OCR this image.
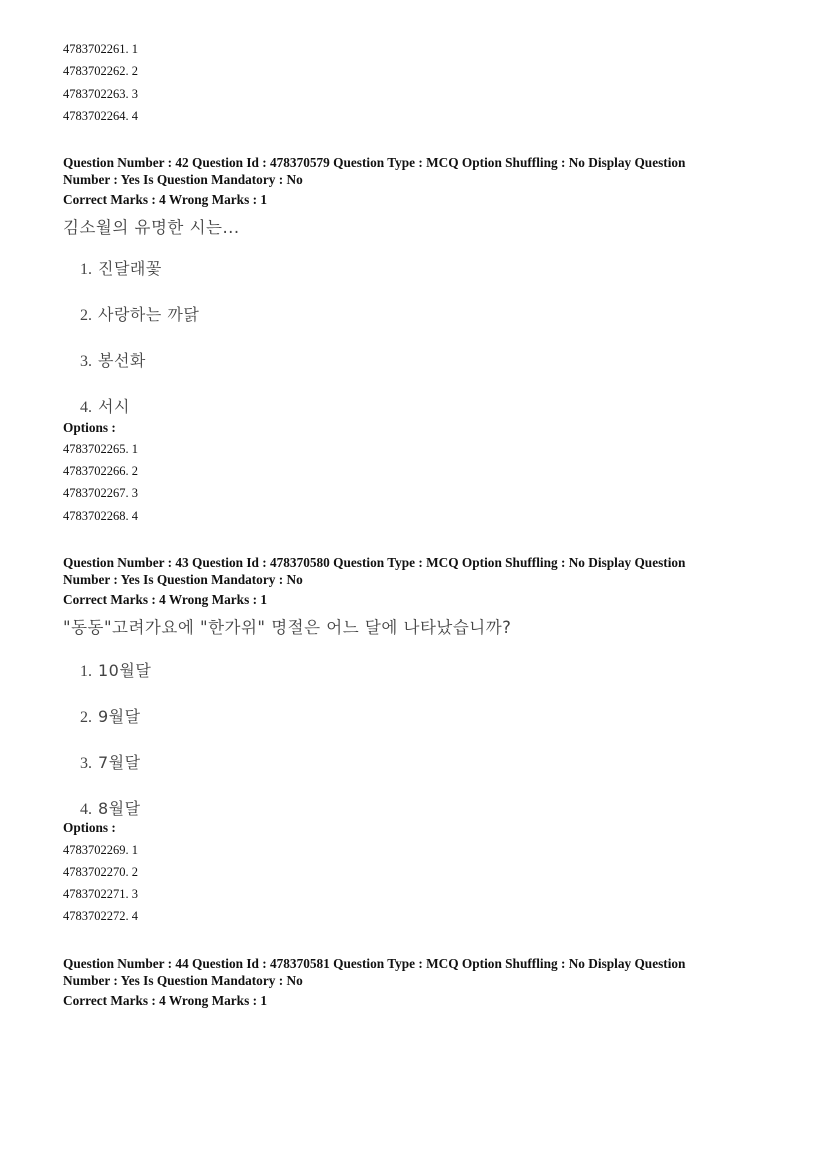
4783702261. 1
4783702262. 2
4783702263. 3
4783702264. 4
Question Number : 42 Question Id : 478370579 Question Type : MCQ Option Shuffling : No Display Question
Number : Yes Is Question Mandatory : No
Correct Marks : 4 Wrong Marks : 1
김소월의 유명한 시는...
1. 진달래꽃
2. 사랑하는 까닭
3. 봉선화
4. 서시
Options :
4783702265. 1
4783702266. 2
4783702267. 3
4783702268. 4
Question Number : 43 Question Id : 478370580 Question Type : MCQ Option Shuffling : No Display Question
Number : Yes Is Question Mandatory : No
Correct Marks : 4 Wrong Marks : 1
"동동"고려가요에 "한가위" 명절은 어느 달에 나타났습니까?
1. 10월달
2. 9월달
3. 7월달
4. 8월달
Options :
4783702269. 1
4783702270. 2
4783702271. 3
4783702272. 4
Question Number : 44 Question Id : 478370581 Question Type : MCQ Option Shuffling : No Display Question
Number : Yes Is Question Mandatory : No
Correct Marks : 4 Wrong Marks : 1
